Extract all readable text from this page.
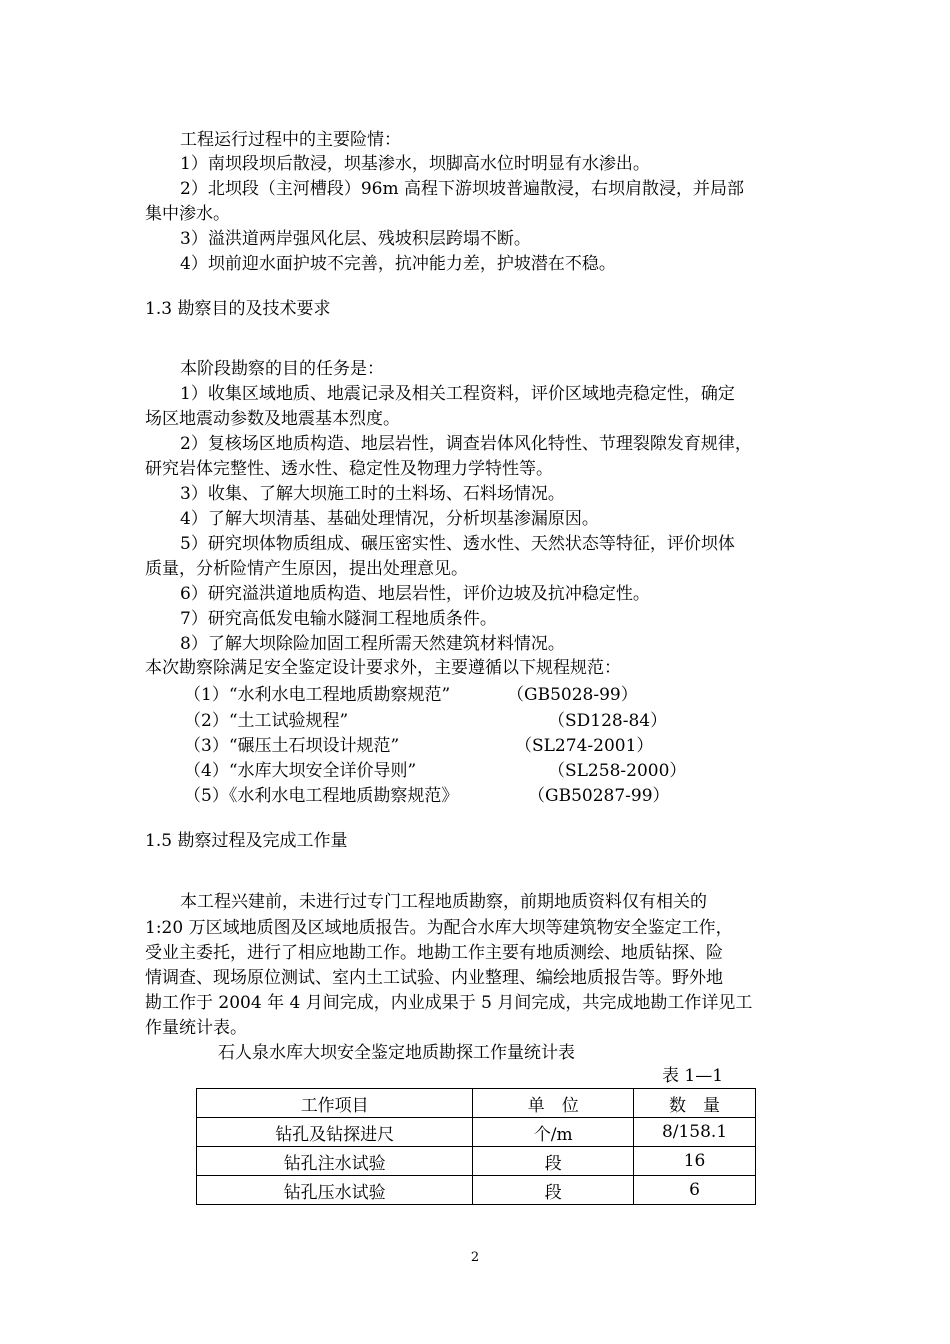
工程运行过程中的主要险情：
1）南坝段坝后散浸，坝基渗水，坝脚高水位时明显有水渗出。
2）北坝段（主河槽段）96m 高程下游坝坡普遍散浸，右坝肩散浸，并局部
集中渗水。
3）溢洪道两岸强风化层、残坡积层跨塌不断。
4）坝前迎水面护坡不完善，抗冲能力差，护坡潜在不稳。
1.3 勘察目的及技术要求
本阶段勘察的目的任务是：
1）收集区域地质、地震记录及相关工程资料，评价区域地壳稳定性，确定
场区地震动参数及地震基本烈度。
2）复核场区地质构造、地层岩性，调查岩体风化特性、节理裂隙发育规律，
研究岩体完整性、透水性、稳定性及物理力学特性等。
3）收集、了解大坝施工时的土料场、石料场情况。
4）了解大坝清基、基础处理情况，分析坝基渗漏原因。
5）研究坝体物质组成、碾压密实性、透水性、天然状态等特征，评价坝体
质量，分析险情产生原因，提出处理意见。
6）研究溢洪道地质构造、地层岩性，评价边坡及抗冲稳定性。
7）研究高低发电输水隧洞工程地质条件。
8）了解大坝除险加固工程所需天然建筑材料情况。
本次勘察除满足安全鉴定设计要求外，主要遵循以下规程规范：
（1）“水利水电工程地质勘察规范”	（GB5028-99）
（2）“土工试验规程”	（SD128-84）
（3）“碾压土石坝设计规范”	（SL274-2001）
（4）“水库大坝安全详价导则”	（SL258-2000）
（5）《水利水电工程地质勘察规范》	（GB50287-99）
1.5 勘察过程及完成工作量
本工程兴建前，未进行过专门工程地质勘察，前期地质资料仅有相关的
1:20 万区域地质图及区域地质报告。为配合水库大坝等建筑物安全鉴定工作，
受业主委托，进行了相应地勘工作。地勘工作主要有地质测绘、地质钻探、险
情调查、现场原位测试、室内土工试验、内业整理、编绘地质报告等。野外地
勘工作于 2004 年 4 月间完成，内业成果于 5 月间完成，共完成地勘工作详见工
作量统计表。
石人泉水库大坝安全鉴定地质勘探工作量统计表
表 1—1
工作项目	单　位	数　量
钻孔及钻探进尺	个/m	8/158.1
钻孔注水试验	段	16
钻孔压水试验	段	6
2
